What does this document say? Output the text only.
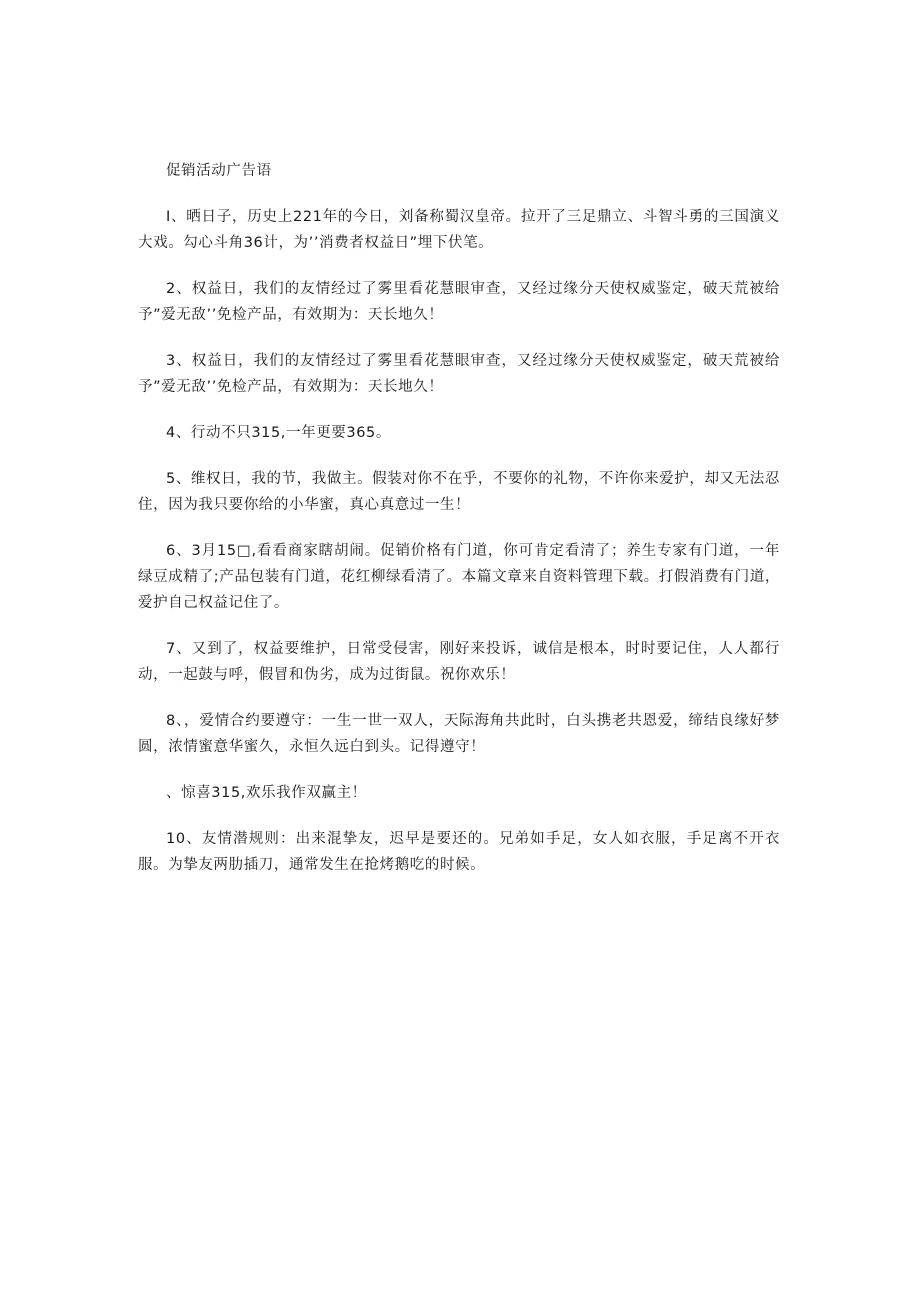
促销活动广告语

I、晒日子，历史上221年的今日，刘备称蜀汉皇帝。拉开了三足鼎立、斗智斗勇的三国演义大戏。勾心斗角36计，为’’消费者权益日”埋下伏笔。

2、权益日，我们的友情经过了雾里看花慧眼审查，又经过缘分天使权威鉴定，破天荒被给予”爱无敌’’免检产品，有效期为：天长地久！

3、权益日，我们的友情经过了雾里看花慧眼审查，又经过缘分天使权威鉴定，破天荒被给予”爱无敌’’免检产品，有效期为：天长地久！

4、行动不只315,一年更要365。

5、维权日，我的节，我做主。假装对你不在乎，不要你的礼物，不许你来爱护，却又无法忍住，因为我只要你给的小华蜜，真心真意过一生！

6、3月15□,看看商家瞎胡闹。促销价格有门道，你可肯定看清了；养生专家有门道，一年绿豆成精了;产品包装有门道，花红柳绿看清了。本篇文章来自资料管理下载。打假消费有门道，爱护自己权益记住了。

7、又到了，权益要维护，日常受侵害，刚好来投诉，诚信是根本，时时要记住，人人都行动，一起鼓与呼，假冒和伪劣，成为过街鼠。祝你欢乐！

8、，爱情合约要遵守：一生一世一双人，天际海角共此时，白头携老共恩爱，缔结良缘好梦圆，浓情蜜意华蜜久，永恒久远白到头。记得遵守！

、惊喜315,欢乐我作双赢主！

10、友情潜规则：出来混挚友，迟早是要还的。兄弟如手足，女人如衣服，手足离不开衣服。为挚友两肋插刀，通常发生在抢烤鹅吃的时候。
